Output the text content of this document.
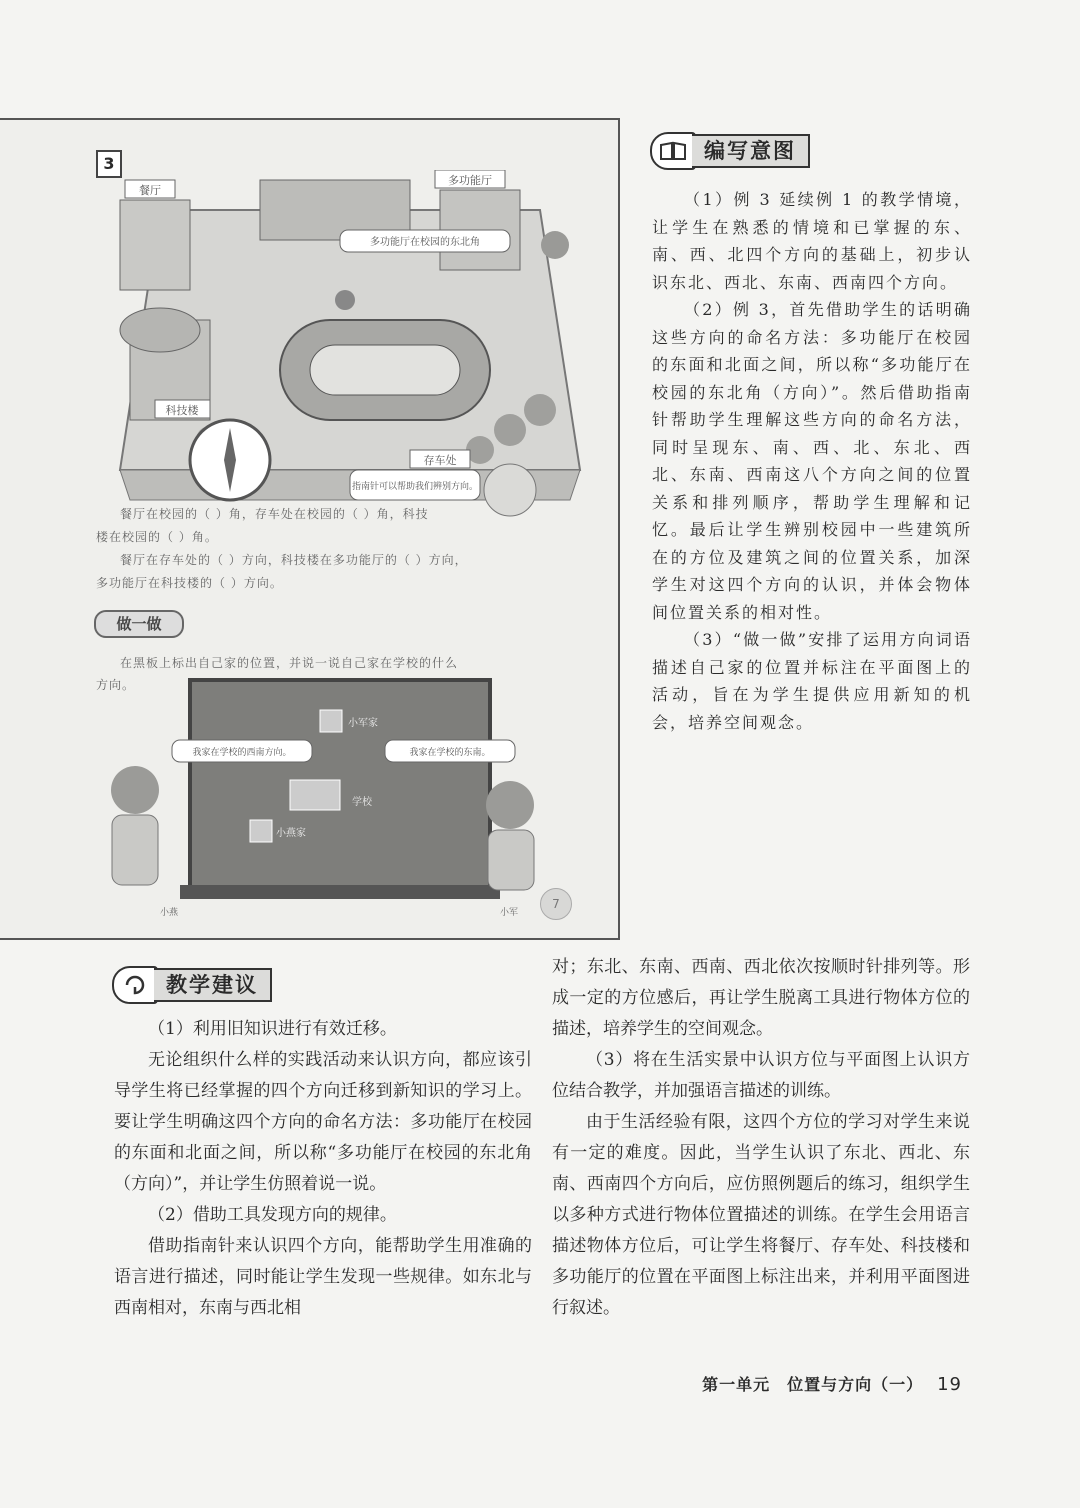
3
餐厅
多功能厅
科技楼
存车处
多功能厅在校园的东北角
指南针可以帮助我们辨别方向。
餐厅在校园的（ ）角，存车处在校园的（ ）角，科技
楼在校园的（ ）角。
餐厅在存车处的（ ）方向，科技楼在多功能厅的（ ）方向，
多功能厅在科技楼的（ ）方向。
做一做
在黑板上标出自己家的位置，并说一说自己家在学校的什么
方向。
小军家
学校
小燕家
我家在学校的西南方向。	我家在学校的东南。
小燕	小军
7
编写意图

（1）例 3 延续例 1 的教学情境，让学生在熟悉的情境和已掌握的东、南、西、北四个方向的基础上，初步认识东北、西北、东南、西南四个方向。

（2）例 3，首先借助学生的话明确这些方向的命名方法：多功能厅在校园的东面和北面之间，所以称“多功能厅在校园的东北角（方向）”。然后借助指南针帮助学生理解这些方向的命名方法，同时呈现东、南、西、北、东北、西北、东南、西南这八个方向之间的位置关系和排列顺序，帮助学生理解和记忆。最后让学生辨别校园中一些建筑所在的方位及建筑之间的位置关系，加深学生对这四个方向的认识，并体会物体间位置关系的相对性。

（3）“做一做”安排了运用方向词语描述自己家的位置并标注在平面图上的活动，旨在为学生提供应用新知的机会，培养空间观念。

教学建议

（1）利用旧知识进行有效迁移。

无论组织什么样的实践活动来认识方向，都应该引导学生将已经掌握的四个方向迁移到新知识的学习上。要让学生明确这四个方向的命名方法：多功能厅在校园的东面和北面之间，所以称“多功能厅在校园的东北角（方向）”，并让学生仿照着说一说。

（2）借助工具发现方向的规律。

借助指南针来认识四个方向，能帮助学生用准确的语言进行描述，同时能让学生发现一些规律。如东北与西南相对，东南与西北相

对；东北、东南、西南、西北依次按顺时针排列等。形成一定的方位感后，再让学生脱离工具进行物体方位的描述，培养学生的空间观念。

（3）将在生活实景中认识方位与平面图上认识方位结合教学，并加强语言描述的训练。

由于生活经验有限，这四个方位的学习对学生来说有一定的难度。因此，当学生认识了东北、西北、东南、西南四个方向后，应仿照例题后的练习，组织学生以多种方式进行物体位置描述的训练。在学生会用语言描述物体方位后，可让学生将餐厅、存车处、科技楼和多功能厅的位置在平面图上标注出来，并利用平面图进行叙述。

第一单元　位置与方向（一） 19
